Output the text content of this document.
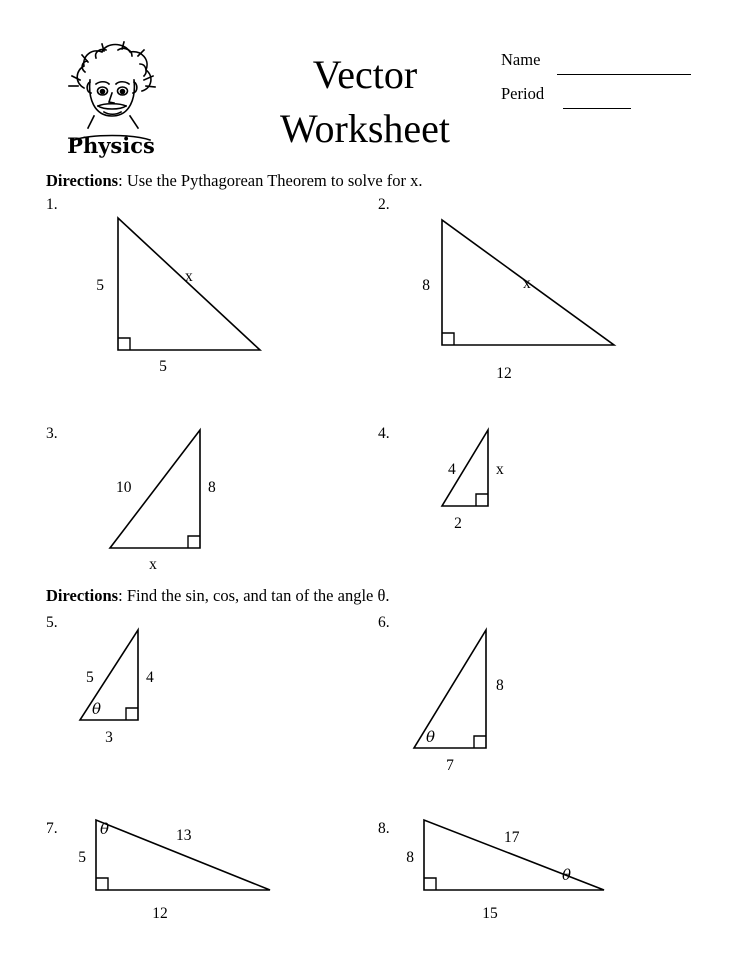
Physics
Vector
Worksheet
Name
Period
Directions: Use the Pythagorean Theorem to solve for x.
1.
5
x
5
2.
8	x
12
3.
10	8
x
4.
4	x
2
Directions: Find the sin, cos, and tan of the angle θ.
5.
5	4
3
θ
6.
8
7
θ
7.
5
13
12
θ	8.
8
17
15
θ
